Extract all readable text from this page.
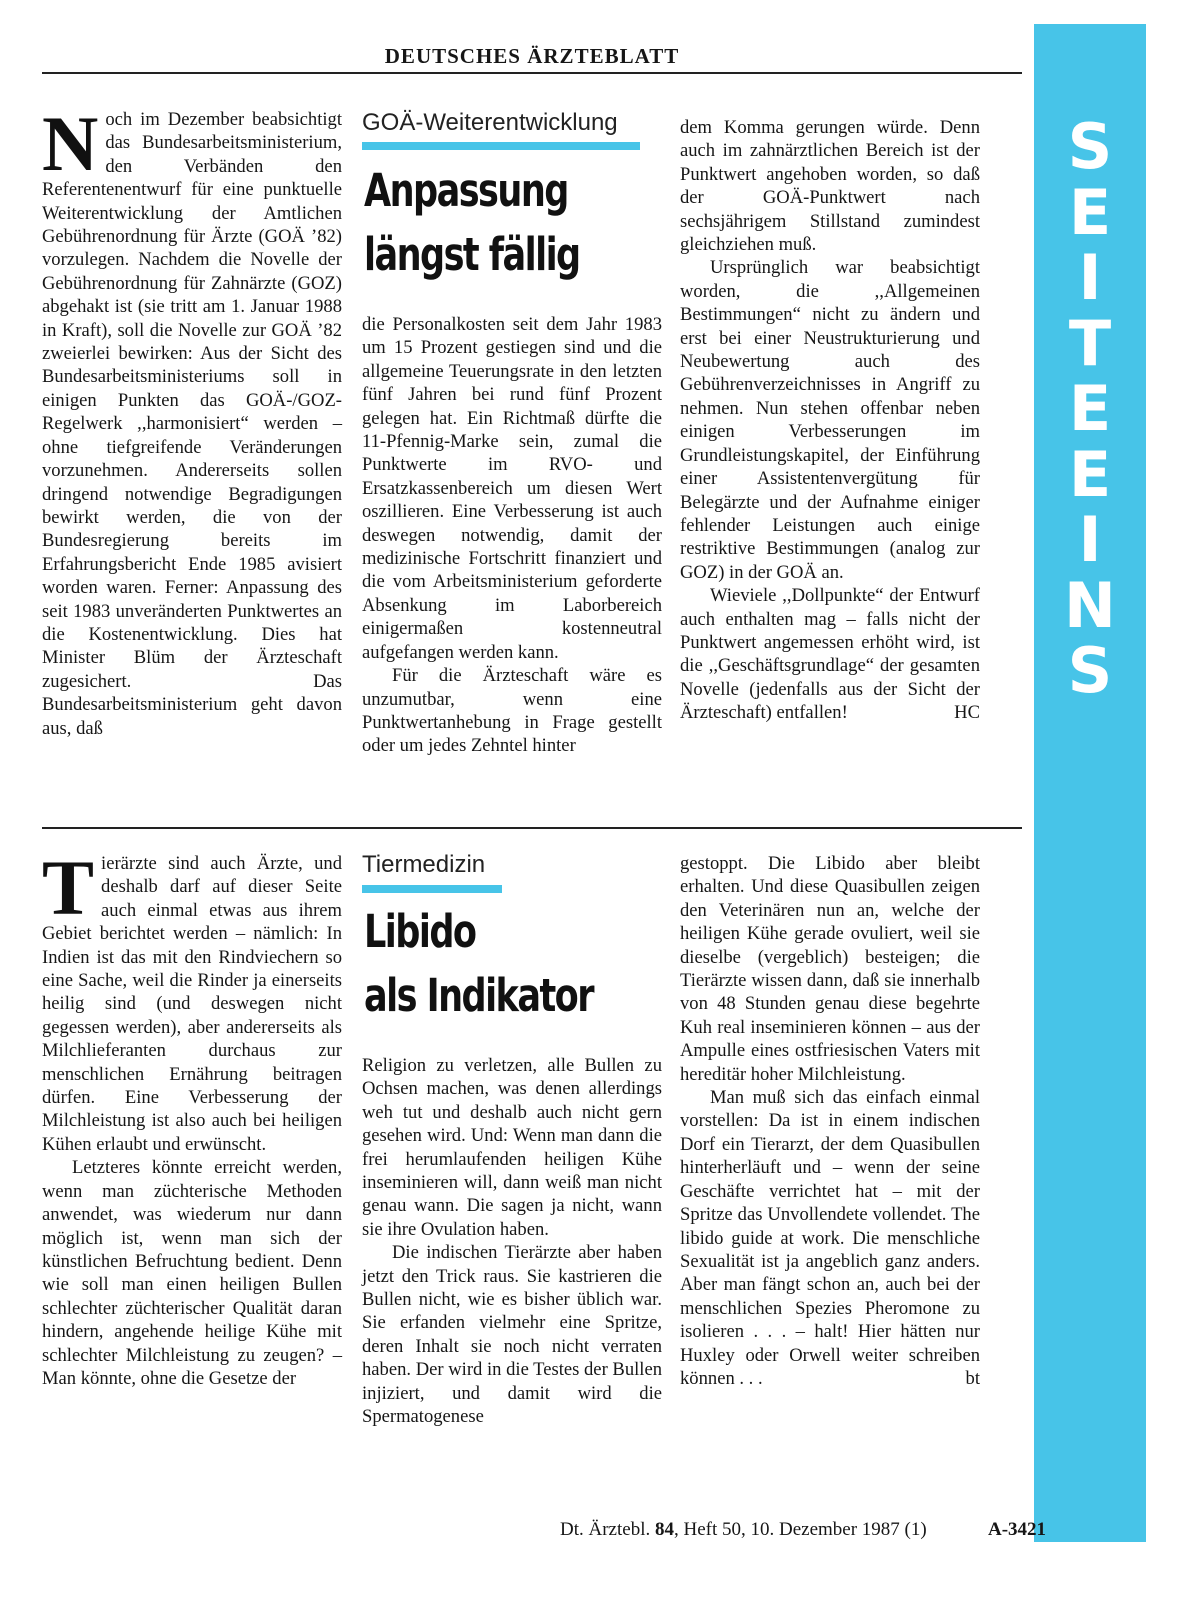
DEUTSCHES ÄRZTEBLATT
S
E
I
T
E
E
I
N
S

Noch im Dezember beabsichtigt das Bundesarbeitsministerium, den Verbänden den Referentenentwurf für eine punktuelle Weiterentwicklung der Amtlichen Gebührenordnung für Ärzte (GOÄ ’82) vorzulegen. Nachdem die Novelle der Gebührenordnung für Zahnärzte (GOZ) abgehakt ist (sie tritt am 1. Januar 1988 in Kraft), soll die Novelle zur GOÄ ’82 zweierlei bewirken: Aus der Sicht des Bundesarbeitsministeriums soll in einigen Punkten das GOÄ-/GOZ-Regelwerk ,,harmonisiert“ werden – ohne tiefgreifende Veränderungen vorzunehmen. Andererseits sollen dringend notwendige Begradigungen bewirkt werden, die von der Bundesregierung bereits im Erfahrungsbericht Ende 1985 avisiert worden waren. Ferner: Anpassung des seit 1983 unveränderten Punktwertes an die Kostenentwicklung. Dies hat Minister Blüm der Ärzteschaft zugesichert. Das Bundesarbeitsministerium geht davon aus, daß

GOÄ-Weiterentwicklung
Anpassung
längst fällig

die Personalkosten seit dem Jahr 1983 um 15 Prozent gestiegen sind und die allgemeine Teuerungsrate in den letzten fünf Jahren bei rund fünf Prozent gelegen hat. Ein Richtmaß dürfte die 11-Pfennig-Marke sein, zumal die Punktwerte im RVO- und Ersatzkassenbereich um diesen Wert oszillieren. Eine Verbesserung ist auch deswegen notwendig, damit der medizinische Fortschritt finanziert und die vom Arbeitsministerium geforderte Absenkung im Laborbereich einigermaßen kostenneutral aufgefangen werden kann.

Für die Ärzteschaft wäre es unzumutbar, wenn eine Punktwertanhebung in Frage gestellt oder um jedes Zehntel hinter

dem Komma gerungen würde. Denn auch im zahnärztlichen Bereich ist der Punktwert angehoben worden, so daß der GOÄ-Punktwert nach sechsjährigem Stillstand zumindest gleichziehen muß.

Ursprünglich war beabsichtigt worden, die ,,Allgemeinen Bestimmungen“ nicht zu ändern und erst bei einer Neustrukturierung und Neubewertung auch des Gebührenverzeichnisses in Angriff zu nehmen. Nun stehen offenbar neben einigen Verbesserungen im Grundleistungskapitel, der Einführung einer Assistentenvergütung für Belegärzte und der Aufnahme einiger fehlender Leistungen auch einige restriktive Bestimmungen (analog zur GOZ) in der GOÄ an.

Wieviele ,,Dollpunkte“ der Entwurf auch enthalten mag – falls nicht der Punktwert angemessen erhöht wird, ist die ,,Geschäftsgrundlage“ der gesamten Novelle (jedenfalls aus der Sicht der Ärzteschaft) entfallen!	HC

Tierärzte sind auch Ärzte, und deshalb darf auf dieser Seite auch einmal etwas aus ihrem Gebiet berichtet werden – nämlich: In Indien ist das mit den Rindviechern so eine Sache, weil die Rinder ja einerseits heilig sind (und deswegen nicht gegessen werden), aber andererseits als Milchlieferanten durchaus zur menschlichen Ernährung beitragen dürfen. Eine Verbesserung der Milchleistung ist also auch bei heiligen Kühen erlaubt und erwünscht.

Letzteres könnte erreicht werden, wenn man züchterische Methoden anwendet, was wiederum nur dann möglich ist, wenn man sich der künstlichen Befruchtung bedient. Denn wie soll man einen heiligen Bullen schlechter züchterischer Qualität daran hindern, angehende heilige Kühe mit schlechter Milchleistung zu zeugen? – Man könnte, ohne die Gesetze der

Tiermedizin
Libido
als Indikator

Religion zu verletzen, alle Bullen zu Ochsen machen, was denen allerdings weh tut und deshalb auch nicht gern gesehen wird. Und: Wenn man dann die frei herumlaufenden heiligen Kühe inseminieren will, dann weiß man nicht genau wann. Die sagen ja nicht, wann sie ihre Ovulation haben.

Die indischen Tierärzte aber haben jetzt den Trick raus. Sie kastrieren die Bullen nicht, wie es bisher üblich war. Sie erfanden vielmehr eine Spritze, deren Inhalt sie noch nicht verraten haben. Der wird in die Testes der Bullen injiziert, und damit wird die Spermatogenese

gestoppt. Die Libido aber bleibt erhalten. Und diese Quasibullen zeigen den Veterinären nun an, welche der heiligen Kühe gerade ovuliert, weil sie dieselbe (vergeblich) besteigen; die Tierärzte wissen dann, daß sie innerhalb von 48 Stunden genau diese begehrte Kuh real inseminieren können – aus der Ampulle eines ostfriesischen Vaters mit hereditär hoher Milchleistung.

Man muß sich das einfach einmal vorstellen: Da ist in einem indischen Dorf ein Tierarzt, der dem Quasibullen hinterherläuft und – wenn der seine Geschäfte verrichtet hat – mit der Spritze das Unvollendete vollendet. The libido guide at work. Die menschliche Sexualität ist ja angeblich ganz anders. Aber man fängt schon an, auch bei der menschlichen Spezies Pheromone zu isolieren . . . – halt! Hier hätten nur Huxley oder Orwell weiter schreiben können . . .	bt

Dt. Ärztebl. 84, Heft 50, 10. Dezember 1987 (1)	A-3421
